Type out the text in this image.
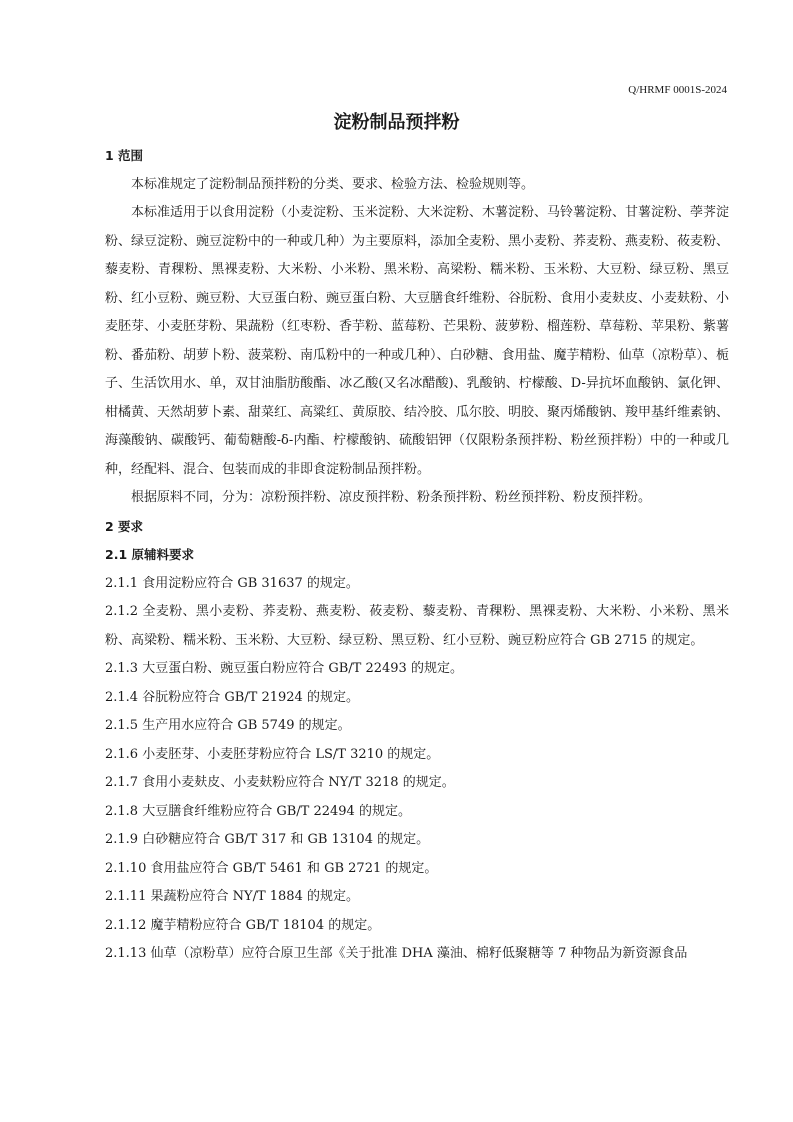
Q/HRMF 0001S-2024
淀粉制品预拌粉
1 范围
本标准规定了淀粉制品预拌粉的分类、要求、检验方法、检验规则等。
本标准适用于以食用淀粉（小麦淀粉、玉米淀粉、大米淀粉、木薯淀粉、马铃薯淀粉、甘薯淀粉、荸荠淀粉、绿豆淀粉、豌豆淀粉中的一种或几种）为主要原料，添加全麦粉、黑小麦粉、荞麦粉、燕麦粉、莜麦粉、藜麦粉、青稞粉、黑裸麦粉、大米粉、小米粉、黑米粉、高梁粉、糯米粉、玉米粉、大豆粉、绿豆粉、黑豆粉、红小豆粉、豌豆粉、大豆蛋白粉、豌豆蛋白粉、大豆膳食纤维粉、谷朊粉、食用小麦麸皮、小麦麸粉、小麦胚芽、小麦胚芽粉、果蔬粉（红枣粉、香芋粉、蓝莓粉、芒果粉、菠萝粉、榴莲粉、草莓粉、苹果粉、紫薯粉、番茄粉、胡萝卜粉、菠菜粉、南瓜粉中的一种或几种）、白砂糖、食用盐、魔芋精粉、仙草（凉粉草）、栀子、生活饮用水、单，双甘油脂肪酸酯、冰乙酸(又名冰醋酸)、乳酸钠、柠檬酸、D-异抗坏血酸钠、氯化钾、柑橘黄、天然胡萝卜素、甜菜红、高粱红、黄原胶、结冷胶、瓜尔胶、明胶、聚丙烯酸钠、羧甲基纤维素钠、海藻酸钠、碳酸钙、葡萄糖酸-δ-内酯、柠檬酸钠、硫酸铝钾（仅限粉条预拌粉、粉丝预拌粉）中的一种或几种，经配料、混合、包装而成的非即食淀粉制品预拌粉。
根据原料不同，分为：凉粉预拌粉、凉皮预拌粉、粉条预拌粉、粉丝预拌粉、粉皮预拌粉。
2 要求
2.1 原辅料要求
2.1.1 食用淀粉应符合 GB 31637 的规定。
2.1.2 全麦粉、黑小麦粉、荞麦粉、燕麦粉、莜麦粉、藜麦粉、青稞粉、黑裸麦粉、大米粉、小米粉、黑米粉、高梁粉、糯米粉、玉米粉、大豆粉、绿豆粉、黑豆粉、红小豆粉、豌豆粉应符合 GB 2715 的规定。
2.1.3 大豆蛋白粉、豌豆蛋白粉应符合 GB/T 22493 的规定。
2.1.4 谷朊粉应符合 GB/T 21924 的规定。
2.1.5 生产用水应符合 GB 5749 的规定。
2.1.6 小麦胚芽、小麦胚芽粉应符合 LS/T 3210 的规定。
2.1.7 食用小麦麸皮、小麦麸粉应符合 NY/T 3218 的规定。
2.1.8 大豆膳食纤维粉应符合 GB/T 22494 的规定。
2.1.9 白砂糖应符合 GB/T 317 和 GB 13104 的规定。
2.1.10 食用盐应符合 GB/T 5461 和 GB 2721 的规定。
2.1.11 果蔬粉应符合 NY/T 1884 的规定。
2.1.12 魔芋精粉应符合 GB/T 18104 的规定。
2.1.13 仙草（凉粉草）应符合原卫生部《关于批准 DHA 藻油、棉籽低聚糖等 7 种物品为新资源食品
